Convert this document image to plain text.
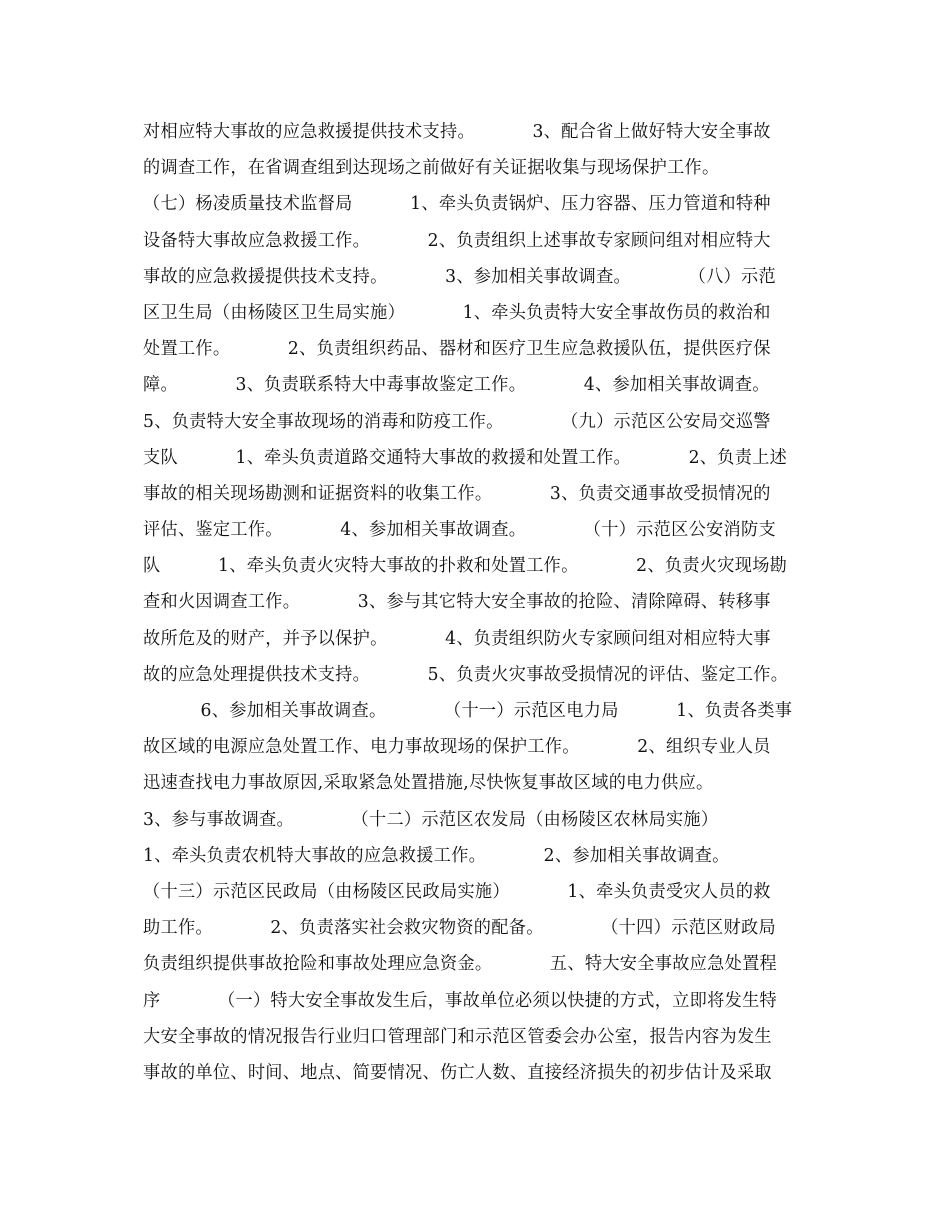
对相应特大事故的应急救援提供技术支持。          3、配合省上做好特大安全事故
的调查工作，在省调查组到达现场之前做好有关证据收集与现场保护工作。
（七）杨凌质量技术监督局          1、牵头负责锅炉、压力容器、压力管道和特种
设备特大事故应急救援工作。          2、负责组织上述事故专家顾问组对相应特大
事故的应急救援提供技术支持。          3、参加相关事故调查。          （八）示范
区卫生局（由杨陵区卫生局实施）          1、牵头负责特大安全事故伤员的救治和
处置工作。          2、负责组织药品、器材和医疗卫生应急救援队伍，提供医疗保
障。          3、负责联系特大中毒事故鉴定工作。          4、参加相关事故调查。
5、负责特大安全事故现场的消毒和防疫工作。          （九）示范区公安局交巡警
支队          1、牵头负责道路交通特大事故的救援和处置工作。          2、负责上述
事故的相关现场勘测和证据资料的收集工作。          3、负责交通事故受损情况的
评估、鉴定工作。          4、参加相关事故调查。          （十）示范区公安消防支
队          1、牵头负责火灾特大事故的扑救和处置工作。          2、负责火灾现场勘
查和火因调查工作。          3、参与其它特大安全事故的抢险、清除障碍、转移事
故所危及的财产，并予以保护。          4、负责组织防火专家顾问组对相应特大事
故的应急处理提供技术支持。          5、负责火灾事故受损情况的评估、鉴定工作。
6、参加相关事故调查。          （十一）示范区电力局          1、负责各类事
故区域的电源应急处置工作、电力事故现场的保护工作。          2、组织专业人员
迅速查找电力事故原因,采取紧急处置措施,尽快恢复事故区域的电力供应。
3、参与事故调查。          （十二）示范区农发局（由杨陵区农林局实施）
1、牵头负责农机特大事故的应急救援工作。          2、参加相关事故调查。
（十三）示范区民政局（由杨陵区民政局实施）          1、牵头负责受灾人员的救
助工作。          2、负责落实社会救灾物资的配备。          （十四）示范区财政局
负责组织提供事故抢险和事故处理应急资金。          五、特大安全事故应急处置程
序          （一）特大安全事故发生后，事故单位必须以快捷的方式，立即将发生特
大安全事故的情况报告行业归口管理部门和示范区管委会办公室，报告内容为发生
事故的单位、时间、地点、简要情况、伤亡人数、直接经济损失的初步估计及采取
